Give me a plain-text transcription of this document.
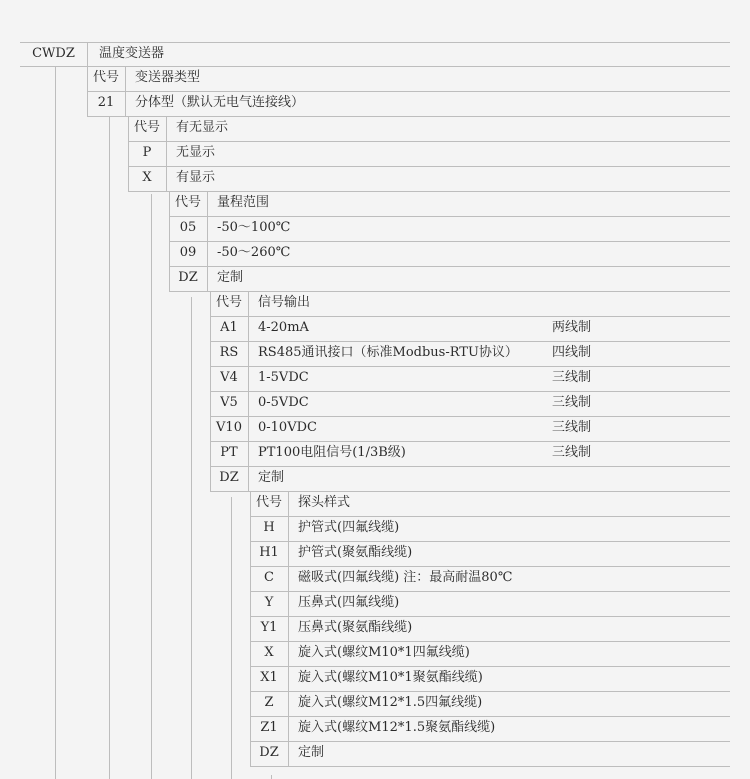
CWDZ	温度变送器
代号	变送器类型
21	分体型（默认无电气连接线）
代号	有无显示
P	无显示
X	有显示
代号	量程范围
05	-50～100℃
09	-50～260℃
DZ	定制
代号	信号输出
A1	4-20mA	两线制
RS	RS485通讯接口（标准Modbus-RTU协议）	四线制
V4	1-5VDC	三线制
V5	0-5VDC	三线制
V10	0-10VDC	三线制
PT	PT100电阻信号(1/3B级)	三线制
DZ	定制
代号	探头样式
H	护管式(四氟线缆)
H1	护管式(聚氨酯线缆)
C	磁吸式(四氟线缆) 注：最高耐温80℃
Y	压鼻式(四氟线缆)
Y1	压鼻式(聚氨酯线缆)
X	旋入式(螺纹M10*1四氟线缆)
X1	旋入式(螺纹M10*1聚氨酯线缆)
Z	旋入式(螺纹M12*1.5四氟线缆)
Z1	旋入式(螺纹M12*1.5聚氨酯线缆)
DZ	定制
